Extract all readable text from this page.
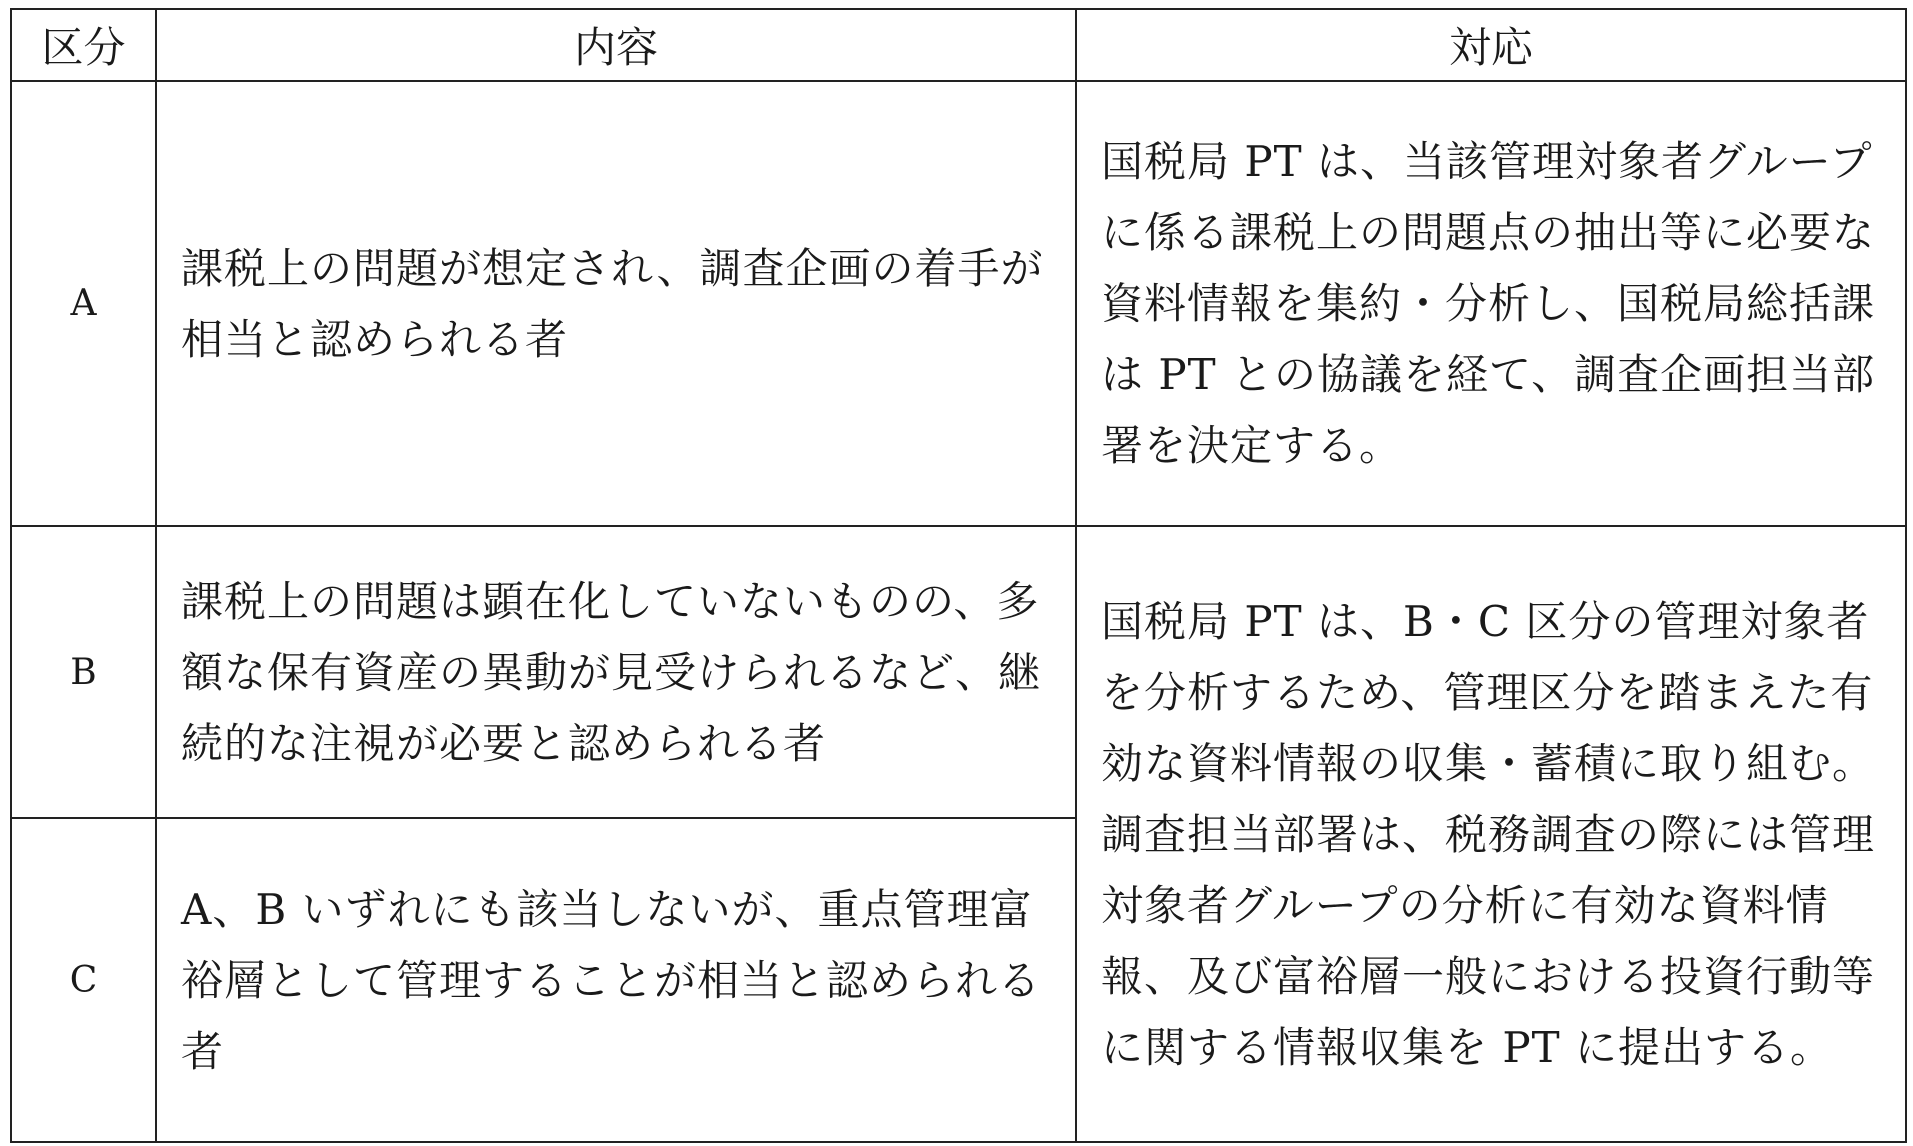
区分	内容	対応
A	課税上の問題が想定され、調査企画の着手が相当と認められる者	国税局 PT は、当該管理対象者グループに係る課税上の問題点の抽出等に必要な資料情報を集約・分析し、国税局総括課は PT との協議を経て、調査企画担当部署を決定する。
B	課税上の問題は顕在化していないものの、多額な保有資産の異動が見受けられるなど、継続的な注視が必要と認められる者	国税局 PT は、B・C 区分の管理対象者を分析するため、管理区分を踏まえた有効な資料情報の収集・蓄積に取り組む。調査担当部署は、税務調査の際には管理対象者グループの分析に有効な資料情報、及び富裕層一般における投資行動等に関する情報収集を PT に提出する。
C	A、B いずれにも該当しないが、重点管理富裕層として管理することが相当と認められる者	
